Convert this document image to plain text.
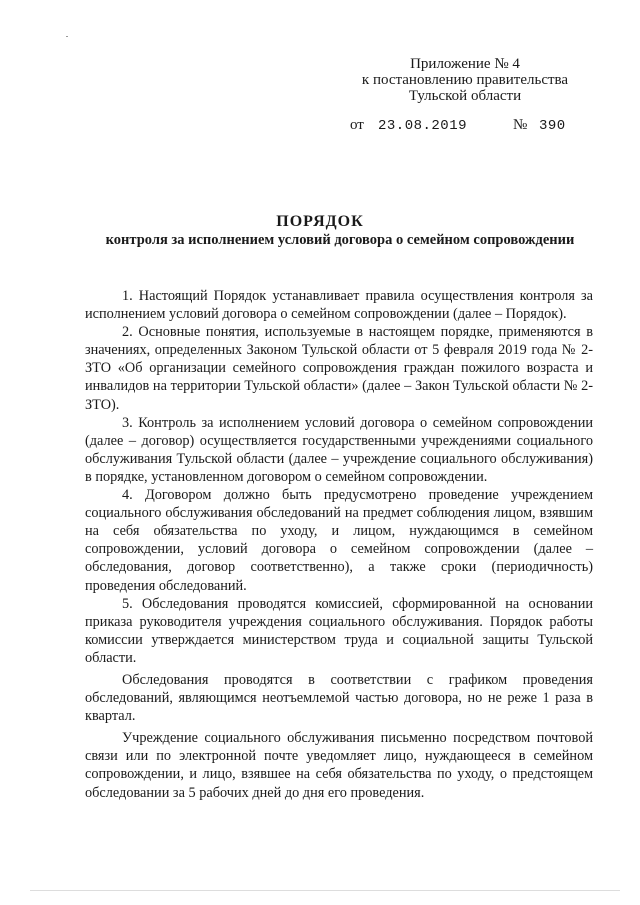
Приложение № 4
к постановлению правительства
Тульской области
от 23.08.2019	№ 390
ПОРЯДОК
контроля за исполнением условий договора о семейном сопровождении

1. Настоящий Порядок устанавливает правила осуществления контроля за исполнением условий договора о семейном сопровождении (далее – Порядок).

2. Основные понятия, используемые в настоящем порядке, применяются в значениях, определенных Законом Тульской области от 5 февраля 2019 года № 2-ЗТО «Об организации семейного сопровождения граждан пожилого возраста и инвалидов на территории Тульской области» (далее – Закон Тульской области № 2-ЗТО).

3. Контроль за исполнением условий договора о семейном сопровождении (далее – договор) осуществляется государственными учреждениями социального обслуживания Тульской области (далее – учреждение социального обслуживания) в порядке, установленном договором о семейном сопровождении.

4. Договором должно быть предусмотрено проведение учреждением социального обслуживания обследований на предмет соблюдения лицом, взявшим на себя обязательства по уходу, и лицом, нуждающимся в семейном сопровождении, условий договора о семейном сопровождении (далее – обследования, договор соответственно), а также сроки (периодичность) проведения обследований.

5. Обследования проводятся комиссией, сформированной на основании приказа руководителя учреждения социального обслуживания. Порядок работы комиссии утверждается министерством труда и социальной защиты Тульской области.

Обследования проводятся в соответствии с графиком проведения обследований, являющимся неотъемлемой частью договора, но не реже 1 раза в квартал.

Учреждение социального обслуживания письменно посредством почтовой связи или по электронной почте уведомляет лицо, нуждающееся в семейном сопровождении, и лицо, взявшее на себя обязательства по уходу, о предстоящем обследовании за 5 рабочих дней до дня его проведения.
